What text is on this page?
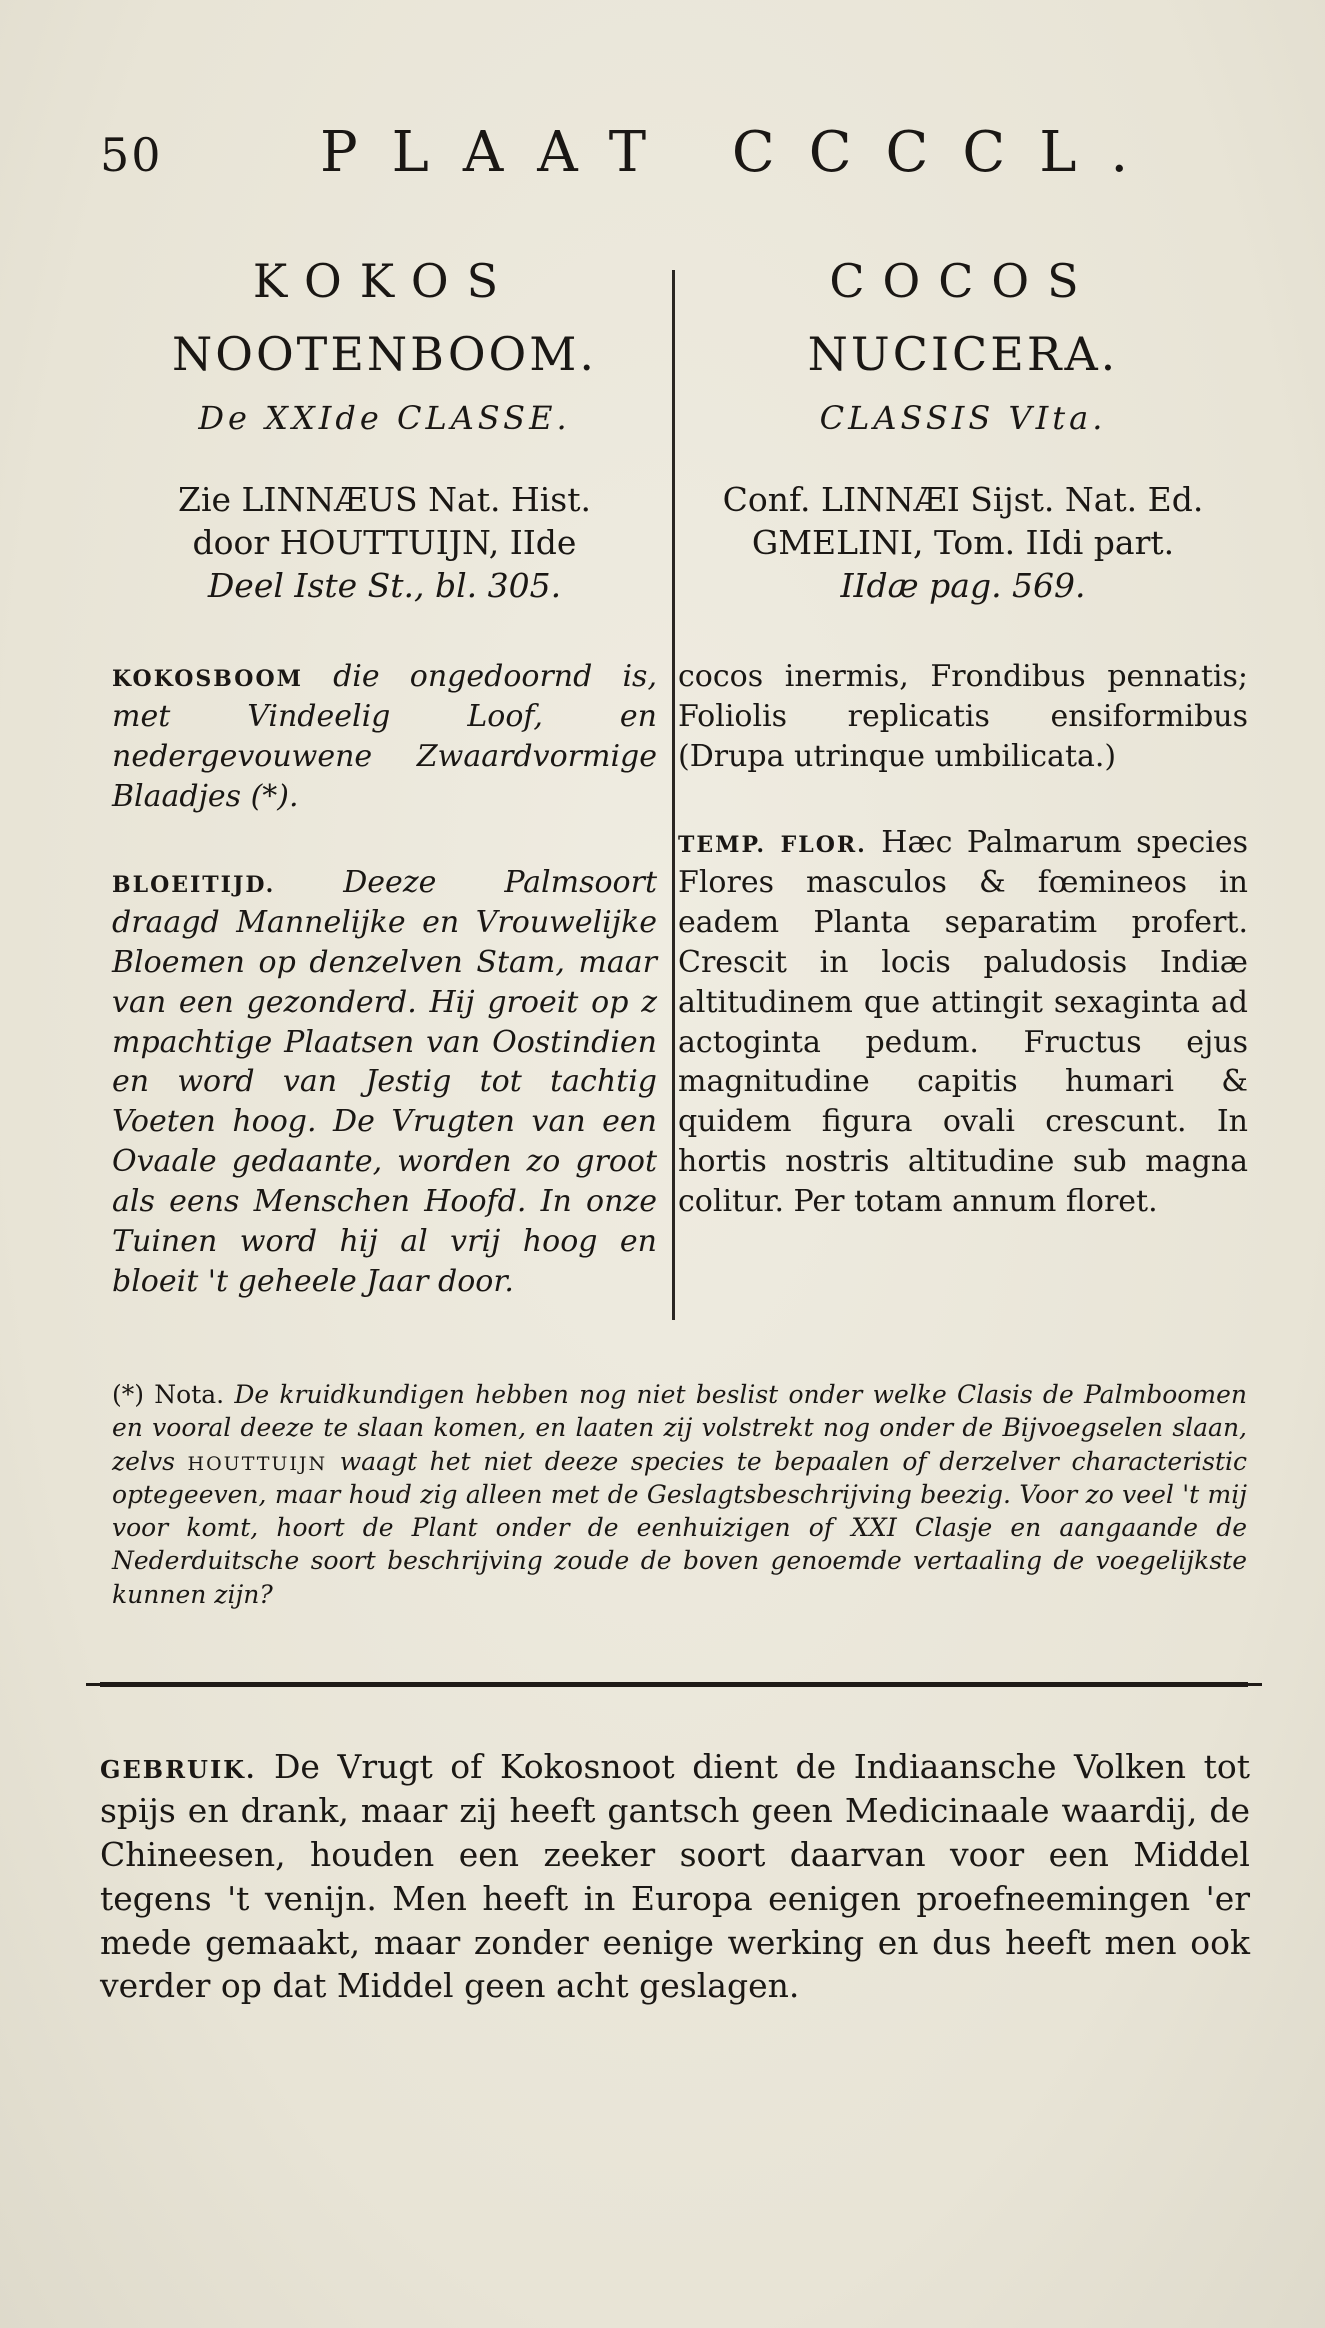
50	PLAAT CCCCL.
KOKOS
NOOTENBOOM.
De XXIde CLASSE.
Zie LINNÆUS Nat. Hist.
door HOUTTUIJN, IIde
Deel Iste St., bl. 305.
KOKOSBOOM die ongedoornd is, met Vindeelig Loof, en nedergevouwene Zwaardvormige Blaadjes (*).
BLOEITIJD. Deeze Palmsoort draagd Mannelijke en Vrouwelijke Bloemen op denzelven Stam, maar van een gezonderd. Hij groeit op z mpachtige Plaatsen van Oostindien en word van Jestig tot tachtig Voeten hoog. De Vrugten van een Ovaale gedaante, worden zo groot als eens Menschen Hoofd. In onze Tuinen word hij al vrij hoog en bloeit 't geheele Jaar door.
COCOS
NUCICERA.
CLASSIS VIta.
Conf. LINNÆI Sijst. Nat. Ed.
GMELINI, Tom. IIdi part.
IIdæ pag. 569.
cocos inermis, Frondibus pennatis; Foliolis replicatis ensiformibus (Drupa utrinque umbilicata.)
TEMP. FLOR. Hæc Palmarum species Flores masculos & fœmineos in eadem Planta separatim profert. Crescit in locis paludosis Indiæ altitudinem que attingit sexaginta ad actoginta pedum. Fructus ejus magnitudine capitis humari & quidem figura ovali crescunt. In hortis nostris altitudine sub magna colitur. Per totam annum floret.
(*) Nota. De kruidkundigen hebben nog niet beslist onder welke Clasis de Palmboomen en vooral deeze te slaan komen, en laaten zij volstrekt nog onder de Bijvoegselen slaan, zelvs HOUTTUIJN waagt het niet deeze species te bepaalen of derzelver characteristic optegeeven, maar houd zig alleen met de Geslagtsbeschrijving beezig. Voor zo veel 't mij voor komt, hoort de Plant onder de eenhuizigen of XXI Clasje en aangaande de Nederduitsche soort beschrijving zoude de boven genoemde vertaaling de voegelijkste kunnen zijn?
GEBRUIK. De Vrugt of Kokosnoot dient de Indiaansche Volken tot spijs en drank, maar zij heeft gantsch geen Medicinaale waardij, de Chineesen, houden een zeeker soort daarvan voor een Middel tegens 't venijn. Men heeft in Europa eenigen proefneemingen 'er mede gemaakt, maar zonder eenige werking en dus heeft men ook verder op dat Middel geen acht geslagen.
